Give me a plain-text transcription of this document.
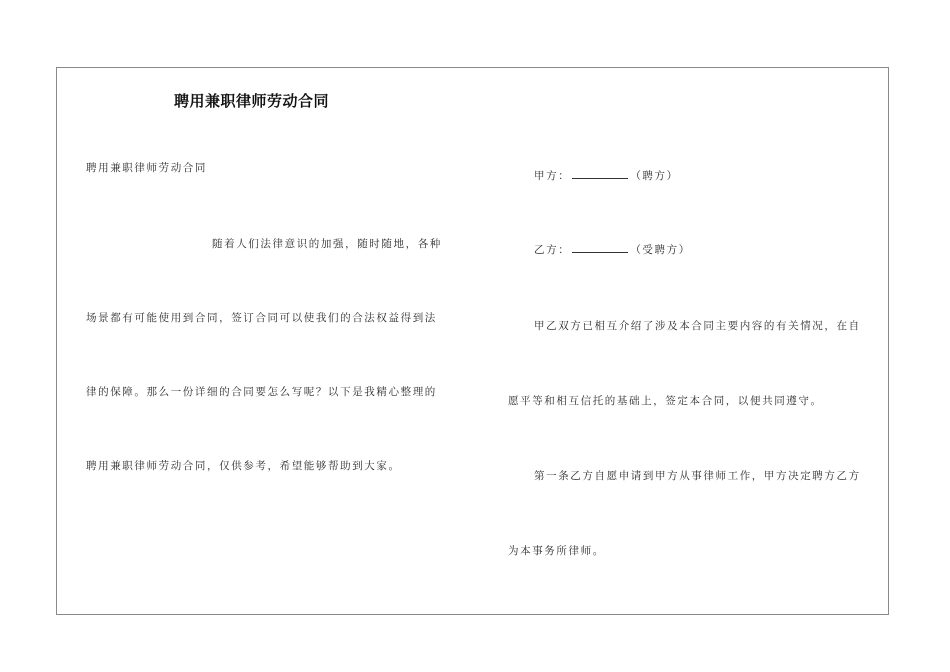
聘用兼职律师劳动合同
聘用兼职律师劳动合同
随着人们法律意识的加强，随时随地，各种
场景都有可能使用到合同，签订合同可以使我们的合法权益得到法
律的保障。那么一份详细的合同要怎么写呢？以下是我精心整理的
聘用兼职律师劳动合同，仅供参考，希望能够帮助到大家。
甲方：	（聘方）
乙方：	（受聘方）
甲乙双方已相互介绍了涉及本合同主要内容的有关情况，在自
愿平等和相互信托的基础上，签定本合同，以便共同遵守。
第一条乙方自愿申请到甲方从事律师工作，甲方决定聘方乙方
为本事务所律师。
